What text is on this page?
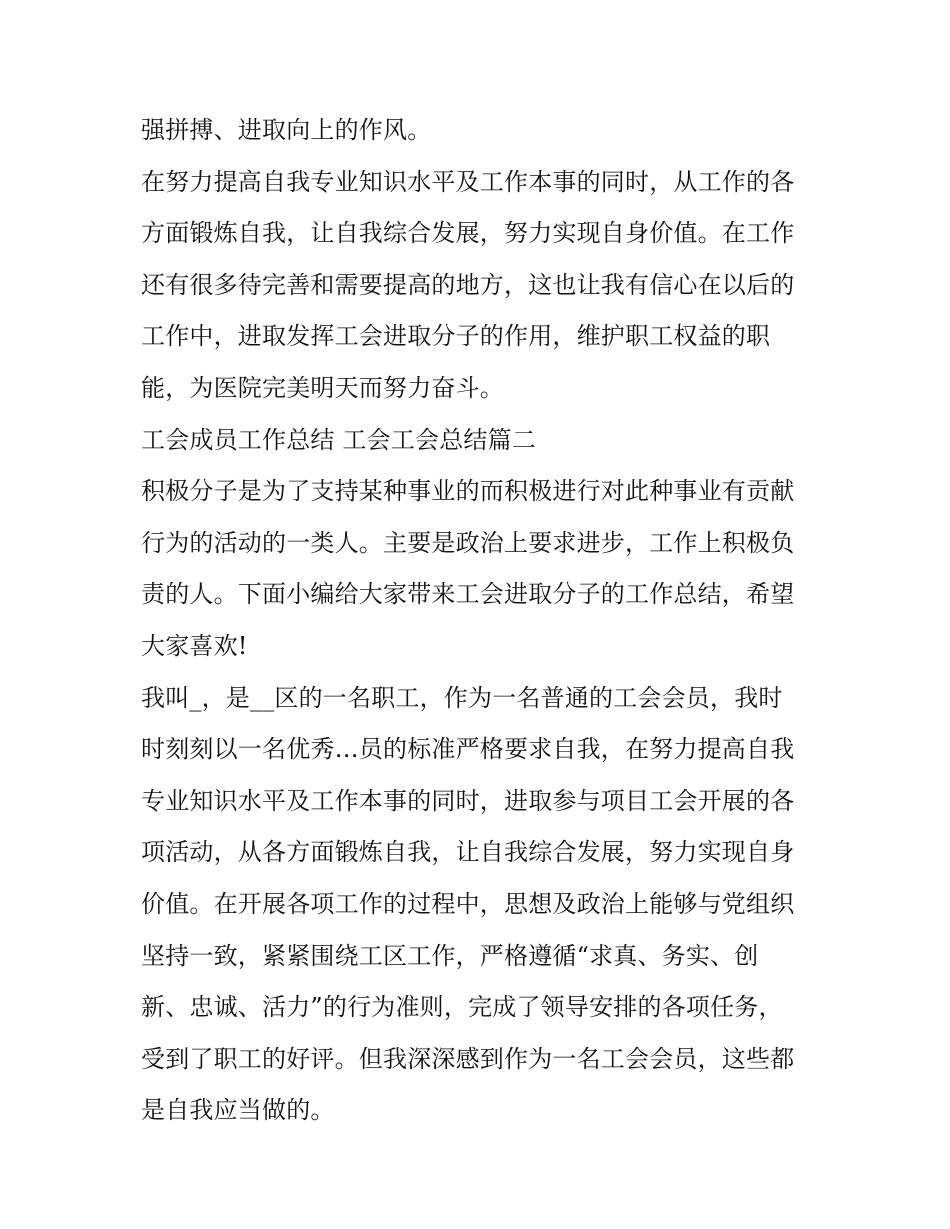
强拼搏、进取向上的作风。
在努力提高自我专业知识水平及工作本事的同时，从工作的各
方面锻炼自我，让自我综合发展，努力实现自身价值。在工作
还有很多待完善和需要提高的地方，这也让我有信心在以后的
工作中，进取发挥工会进取分子的作用，维护职工权益的职
能，为医院完美明天而努力奋斗。
工会成员工作总结 工会工会总结篇二
积极分子是为了支持某种事业的而积极进行对此种事业有贡献
行为的活动的一类人。主要是政治上要求进步，工作上积极负
责的人。下面小编给大家带来工会进取分子的工作总结，希望
大家喜欢!
我叫_，是__区的一名职工，作为一名普通的工会会员，我时
时刻刻以一名优秀…员的标准严格要求自我，在努力提高自我
专业知识水平及工作本事的同时，进取参与项目工会开展的各
项活动，从各方面锻炼自我，让自我综合发展，努力实现自身
价值。在开展各项工作的过程中，思想及政治上能够与党组织
坚持一致，紧紧围绕工区工作，严格遵循“求真、务实、创
新、忠诚、活力”的行为准则，完成了领导安排的各项任务，
受到了职工的好评。但我深深感到作为一名工会会员，这些都
是自我应当做的。
